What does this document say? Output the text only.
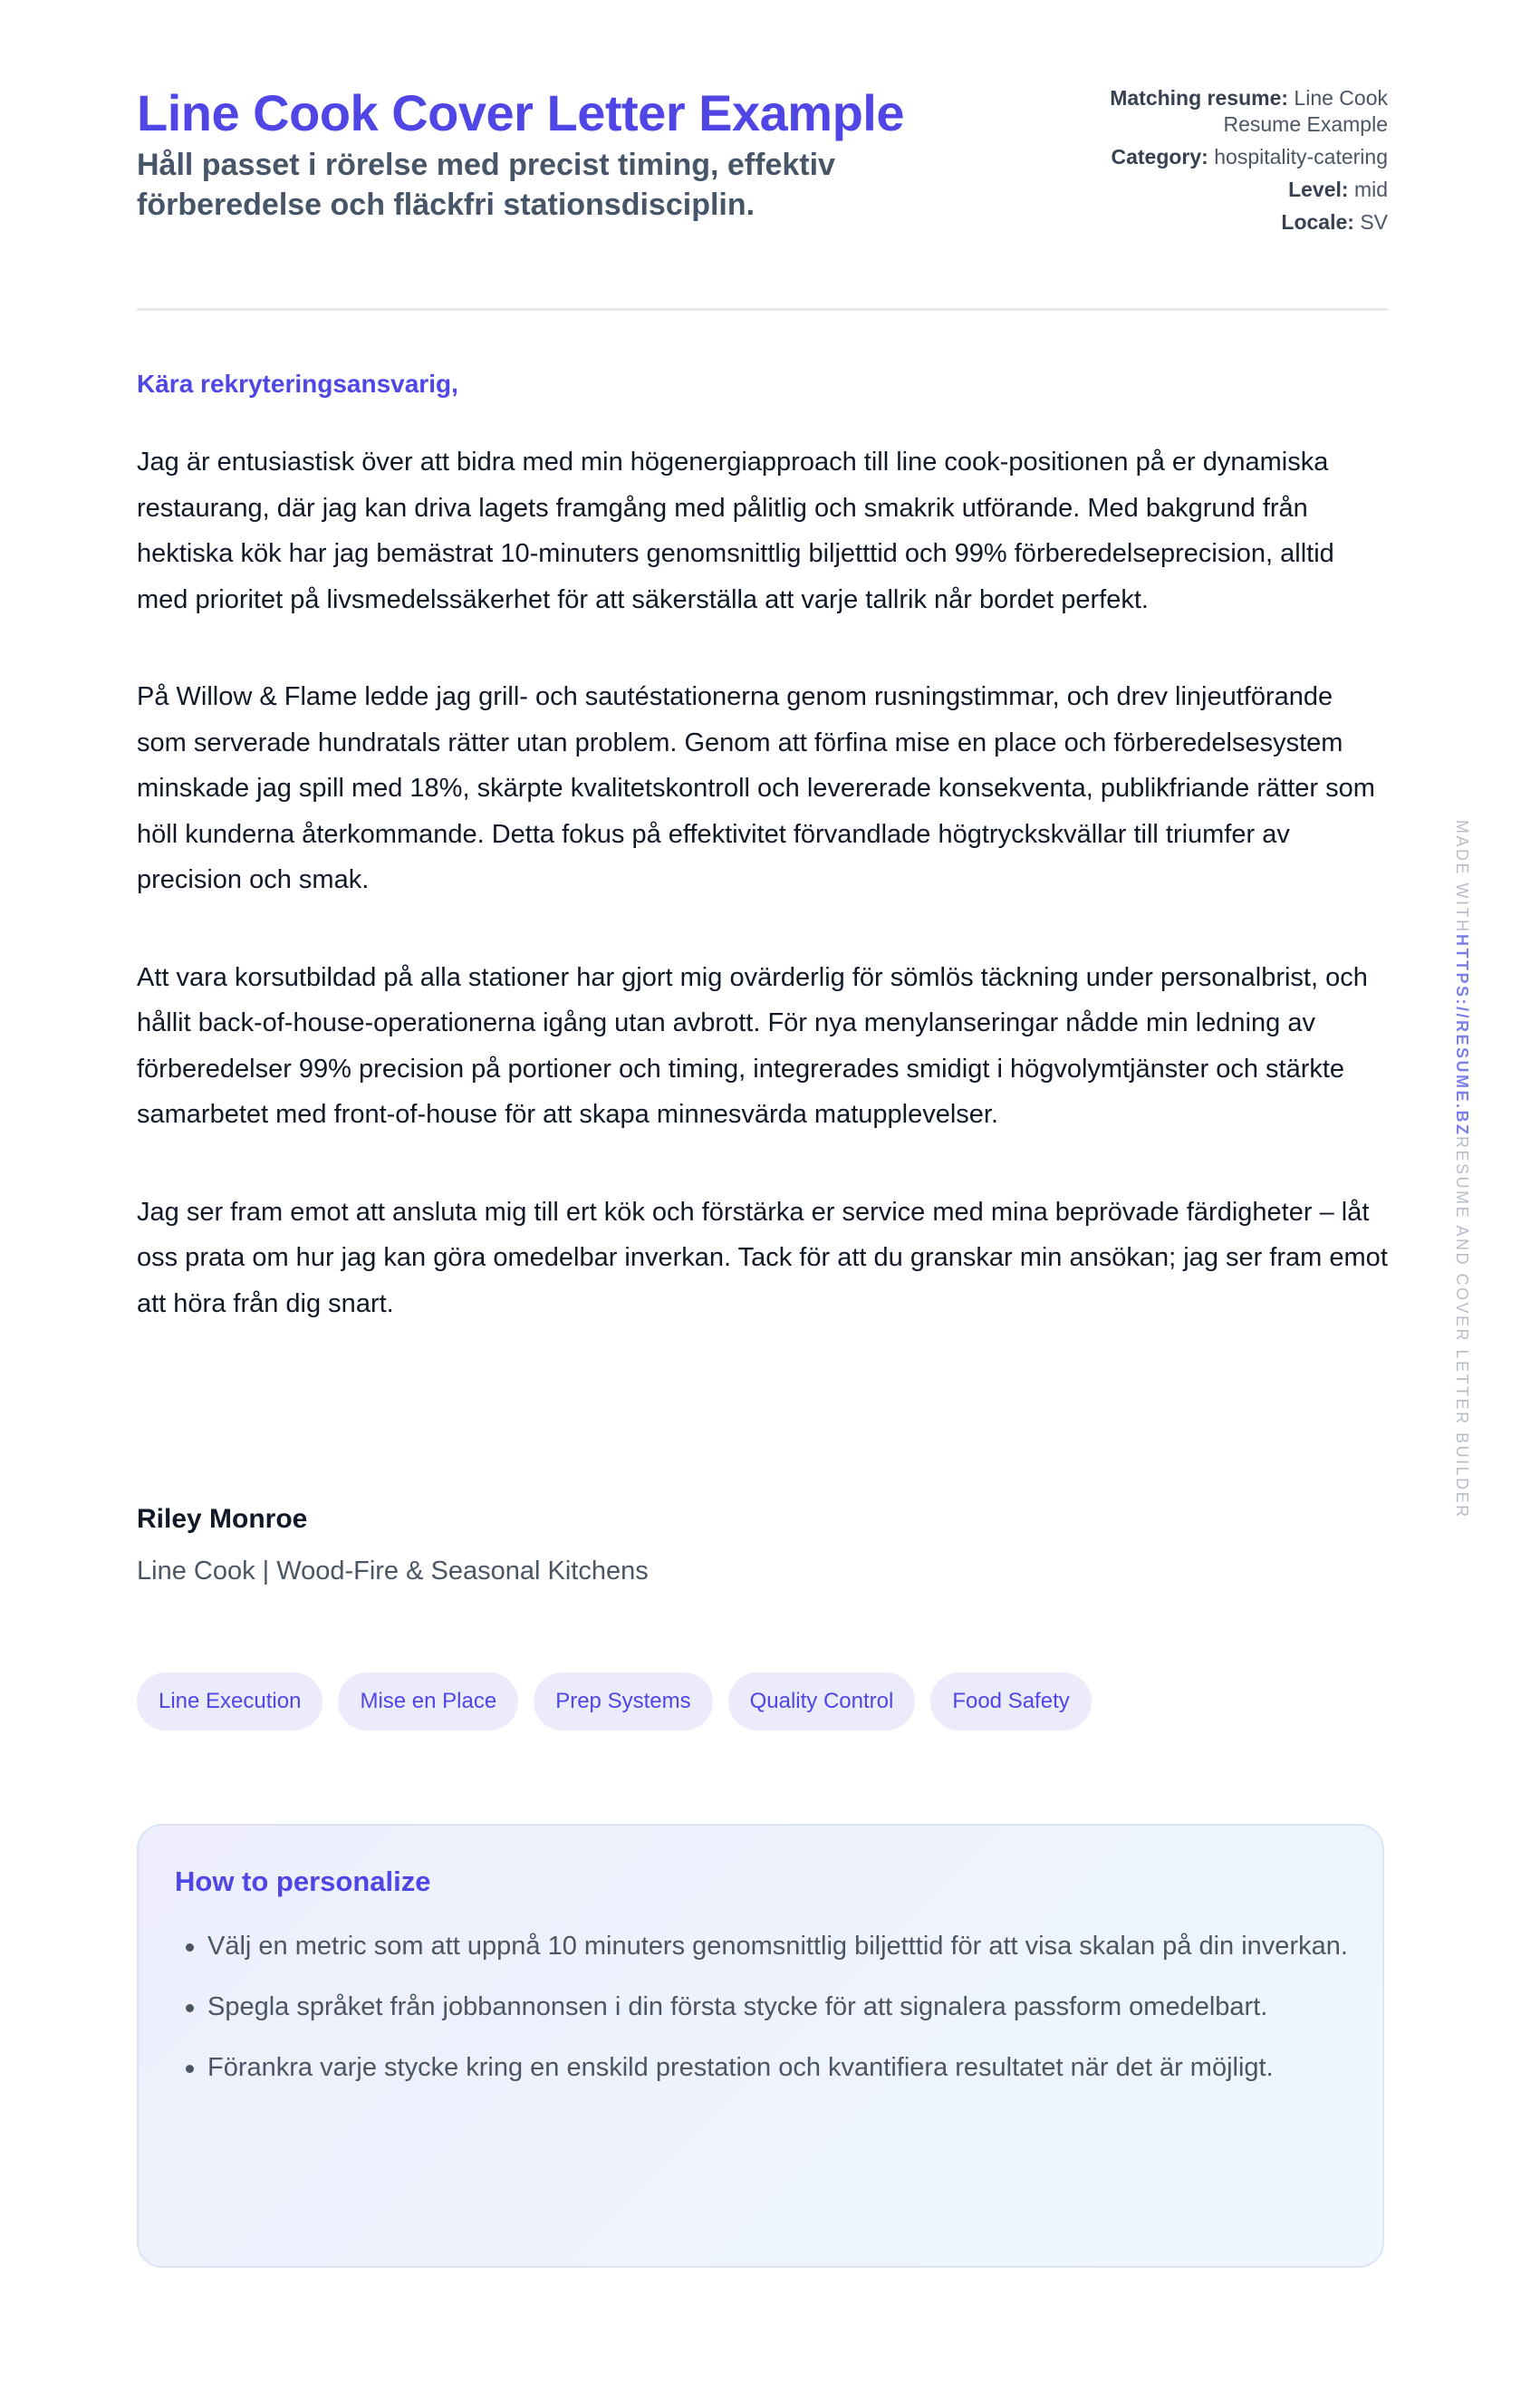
Line Cook Cover Letter Example
Håll passet i rörelse med precist timing, effektiv förberedelse och fläckfri stationsdisciplin.
Matching resume: Line Cook Resume Example
Category: hospitality-catering
Level: mid
Locale: SV
Kära rekryteringsansvarig,

Jag är entusiastisk över att bidra med min högenergiapproach till line cook-positionen på er dynamiska restaurang, där jag kan driva lagets framgång med pålitlig och smakrik utförande. Med bakgrund från hektiska kök har jag bemästrat 10-minuters genomsnittlig biljetttid och 99% förberedelseprecision, alltid med prioritet på livsmedelssäkerhet för att säkerställa att varje tallrik når bordet perfekt.

På Willow & Flame ledde jag grill- och sautéstationerna genom rusningstimmar, och drev linjeutförande som serverade hundratals rätter utan problem. Genom att förfina mise en place och förberedelsesystem minskade jag spill med 18%, skärpte kvalitetskontroll och levererade konsekventa, publikfriande rätter som höll kunderna återkommande. Detta fokus på effektivitet förvandlade högtryckskvällar till triumfer av precision och smak.

Att vara korsutbildad på alla stationer har gjort mig ovärderlig för sömlös täckning under personalbrist, och hållit back-of-house-operationerna igång utan avbrott. För nya menylanseringar nådde min ledning av förberedelser 99% precision på portioner och timing, integrerades smidigt i högvolymtjänster och stärkte samarbetet med front-of-house för att skapa minnesvärda matupplevelser.

Jag ser fram emot att ansluta mig till ert kök och förstärka er service med mina beprövade färdigheter – låt oss prata om hur jag kan göra omedelbar inverkan. Tack för att du granskar min ansökan; jag ser fram emot att höra från dig snart.

Riley Monroe
Line Cook | Wood-Fire & Seasonal Kitchens
Line Execution	Mise en Place	Prep Systems	Quality Control	Food Safety
How to personalize
Välj en metric som att uppnå 10 minuters genomsnittlig biljetttid för att visa skalan på din inverkan.
Spegla språket från jobbannonsen i din första stycke för att signalera passform omedelbart.
Förankra varje stycke kring en enskild prestation och kvantifiera resultatet när det är möjligt.
MADE WITHHTTPS://RESUME.BZRESUME AND COVER LETTER BUILDER
